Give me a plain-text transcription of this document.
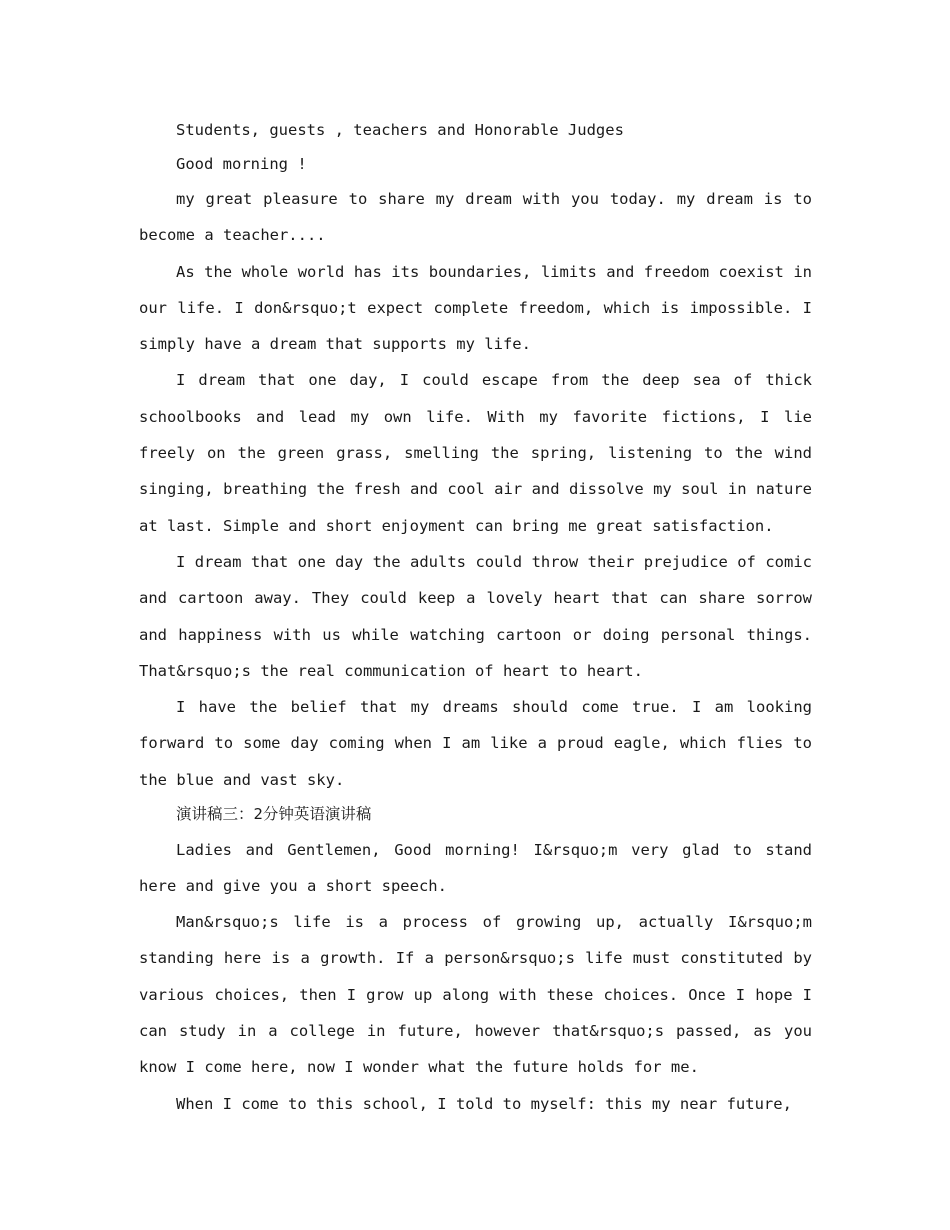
Students, guests , teachers and Honorable Judges

Good morning !

my great pleasure to share my dream with you today. my dream is to become a teacher....

As the whole world has its boundaries, limits and freedom coexist in our life. I don&rsquo;t expect complete freedom, which is impossible. I simply have a dream that supports my life.

I dream that one day, I could escape from the deep sea of thick schoolbooks and lead my own life. With my favorite fictions, I lie freely on the green grass, smelling the spring, listening to the wind singing, breathing the fresh and cool air and dissolve my soul in nature at last. Simple and short enjoyment can bring me great satisfaction.

I dream that one day the adults could throw their prejudice of comic and cartoon away. They could keep a lovely heart that can share sorrow and happiness with us while watching cartoon or doing personal things. That&rsquo;s the real communication of heart to heart.

I have the belief that my dreams should come true. I am looking forward to some day coming when I am like a proud eagle, which flies to the blue and vast sky.

演讲稿三：2分钟英语演讲稿

Ladies and Gentlemen, Good morning! I&rsquo;m very glad to stand here and give you a short speech.

Man&rsquo;s life is a process of growing up, actually I&rsquo;m standing here is a growth. If a person&rsquo;s life must constituted by various choices, then I grow up along with these choices. Once I hope I can study in a college in future, however that&rsquo;s passed, as you know I come here, now I wonder what the future holds for me.

When I come to this school, I told to myself: this my near future,
